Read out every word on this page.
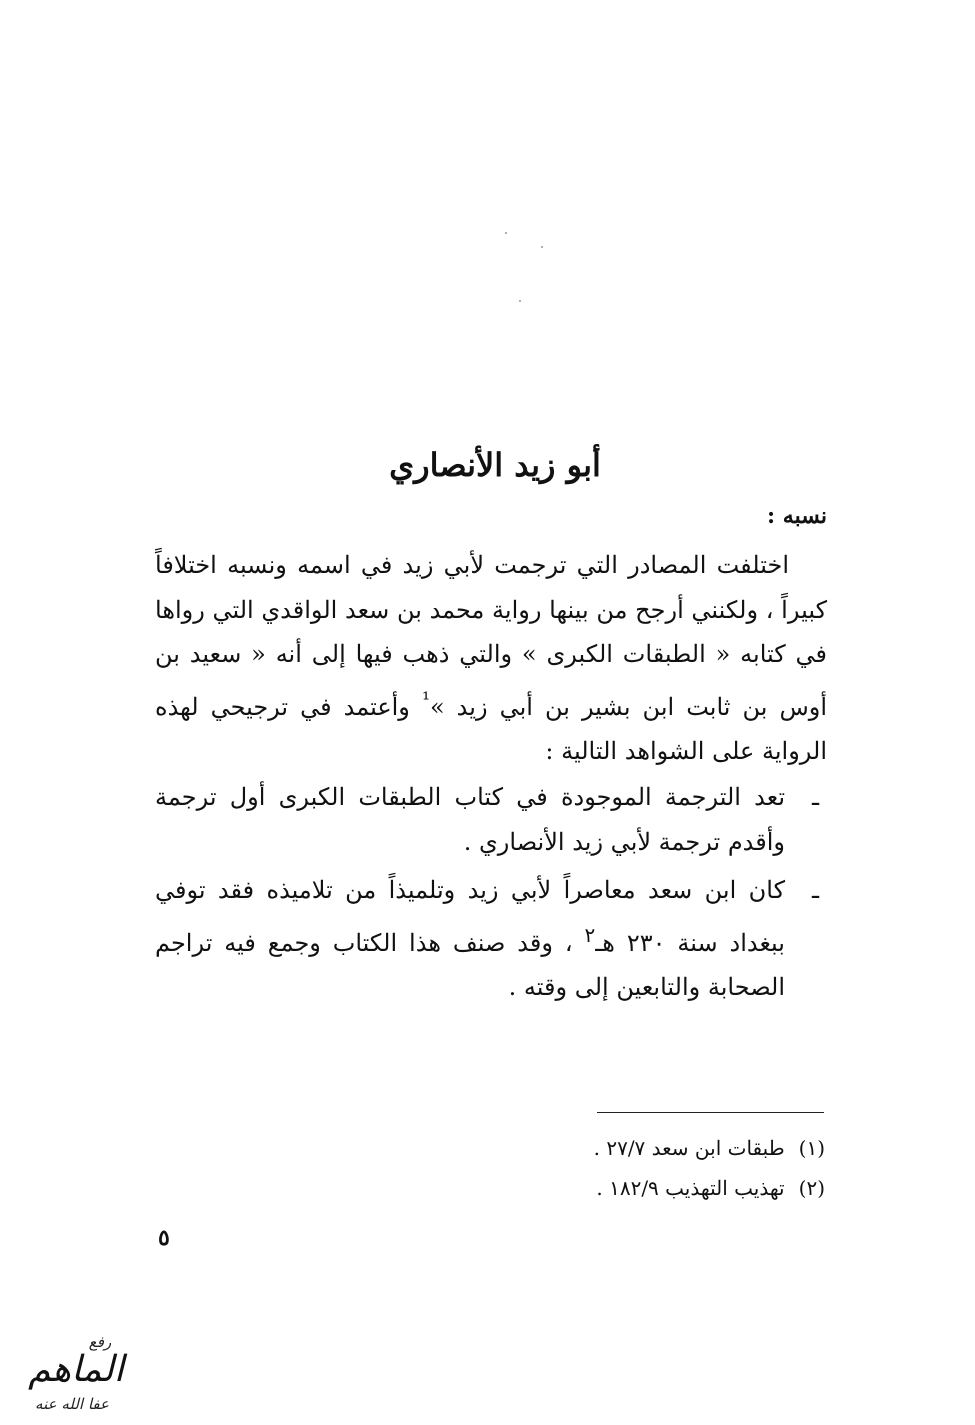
أبو زيد الأنصاري
نسبه :

اختلفت المصادر التي ترجمت لأبي زيد في اسمه ونسبه اختلافاً كبيراً ، ولكنني أرجح من بينها رواية محمد بن سعد الواقدي التي رواها في كتابه « الطبقات الكبرى » والتي ذهب فيها إلى أنه « سعيد بن أوس بن ثابت ابن بشير بن أبي زيد »$^{^1}$ وأعتمد في ترجيحي لهذه الرواية على الشواهد التالية :

ـ
تعد الترجمة الموجودة في كتاب الطبقات الكبرى أول ترجمة وأقدم ترجمة لأبي زيد الأنصاري .
ـ
كان ابن سعد معاصراً لأبي زيد وتلميذاً من تلاميذه فقد توفي ببغداد سنة ٢٣٠ هـ$^٢$ ، وقد صنف هذا الكتاب وجمع فيه تراجم الصحابة والتابعين إلى وقته .
(١)طبقات ابن سعد ٢٧/٧ .
(٢)تهذيب التهذيب ١٨٢/٩ .
٥
رفع
الماهم
عفا الله عنه
